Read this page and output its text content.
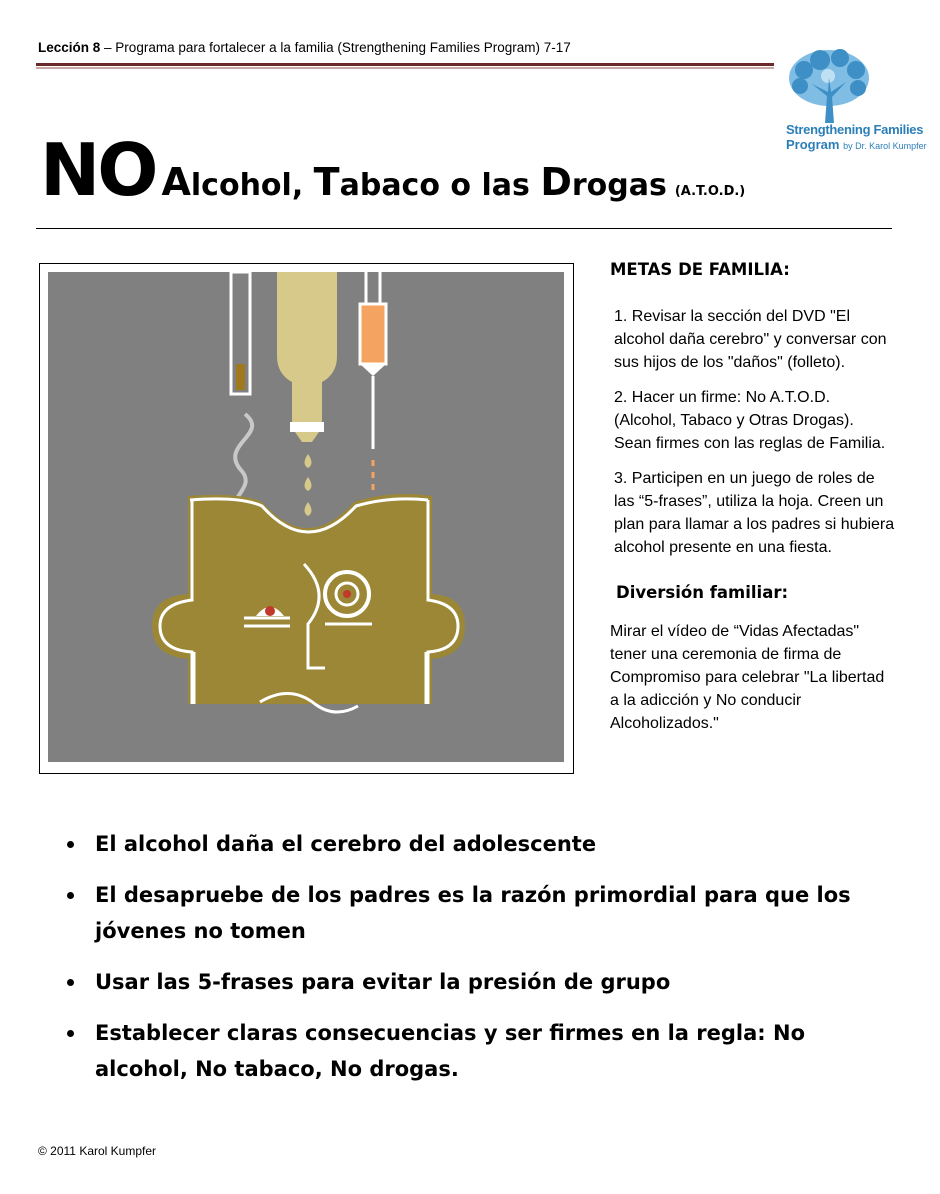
Lección 8 – Programa para fortalecer a la familia (Strengthening Families Program) 7-17
Strengthening Families
Program by Dr. Karol Kumpfer
NO Alcohol, Tabaco o las Drogas (A.T.O.D.)
METAS DE FAMILIA:

1. Revisar la sección del DVD "El alcohol daña cerebro" y conversar con sus hijos de los "daños" (folleto).

2. Hacer un firme: No A.T.O.D. (Alcohol, Tabaco y Otras Drogas). Sean firmes con las reglas de Familia.

3. Participen en un juego de roles de las “5-frases”, utiliza la hoja. Creen un plan para llamar a los padres si hubiera alcohol presente en una fiesta.

Diversión familiar:

Mirar el vídeo de “Vidas Afectadas" tener una ceremonia de firma de Compromiso para celebrar "La libertad a la adicción y No conducir Alcoholizados."

El alcohol daña el cerebro del adolescente
El desapruebe de los padres es la razón primordial para que los jóvenes no tomen
Usar las 5-frases para evitar la presión de grupo
Establecer claras consecuencias y ser firmes en la regla: No alcohol, No tabaco, No drogas.
© 2011 Karol Kumpfer
